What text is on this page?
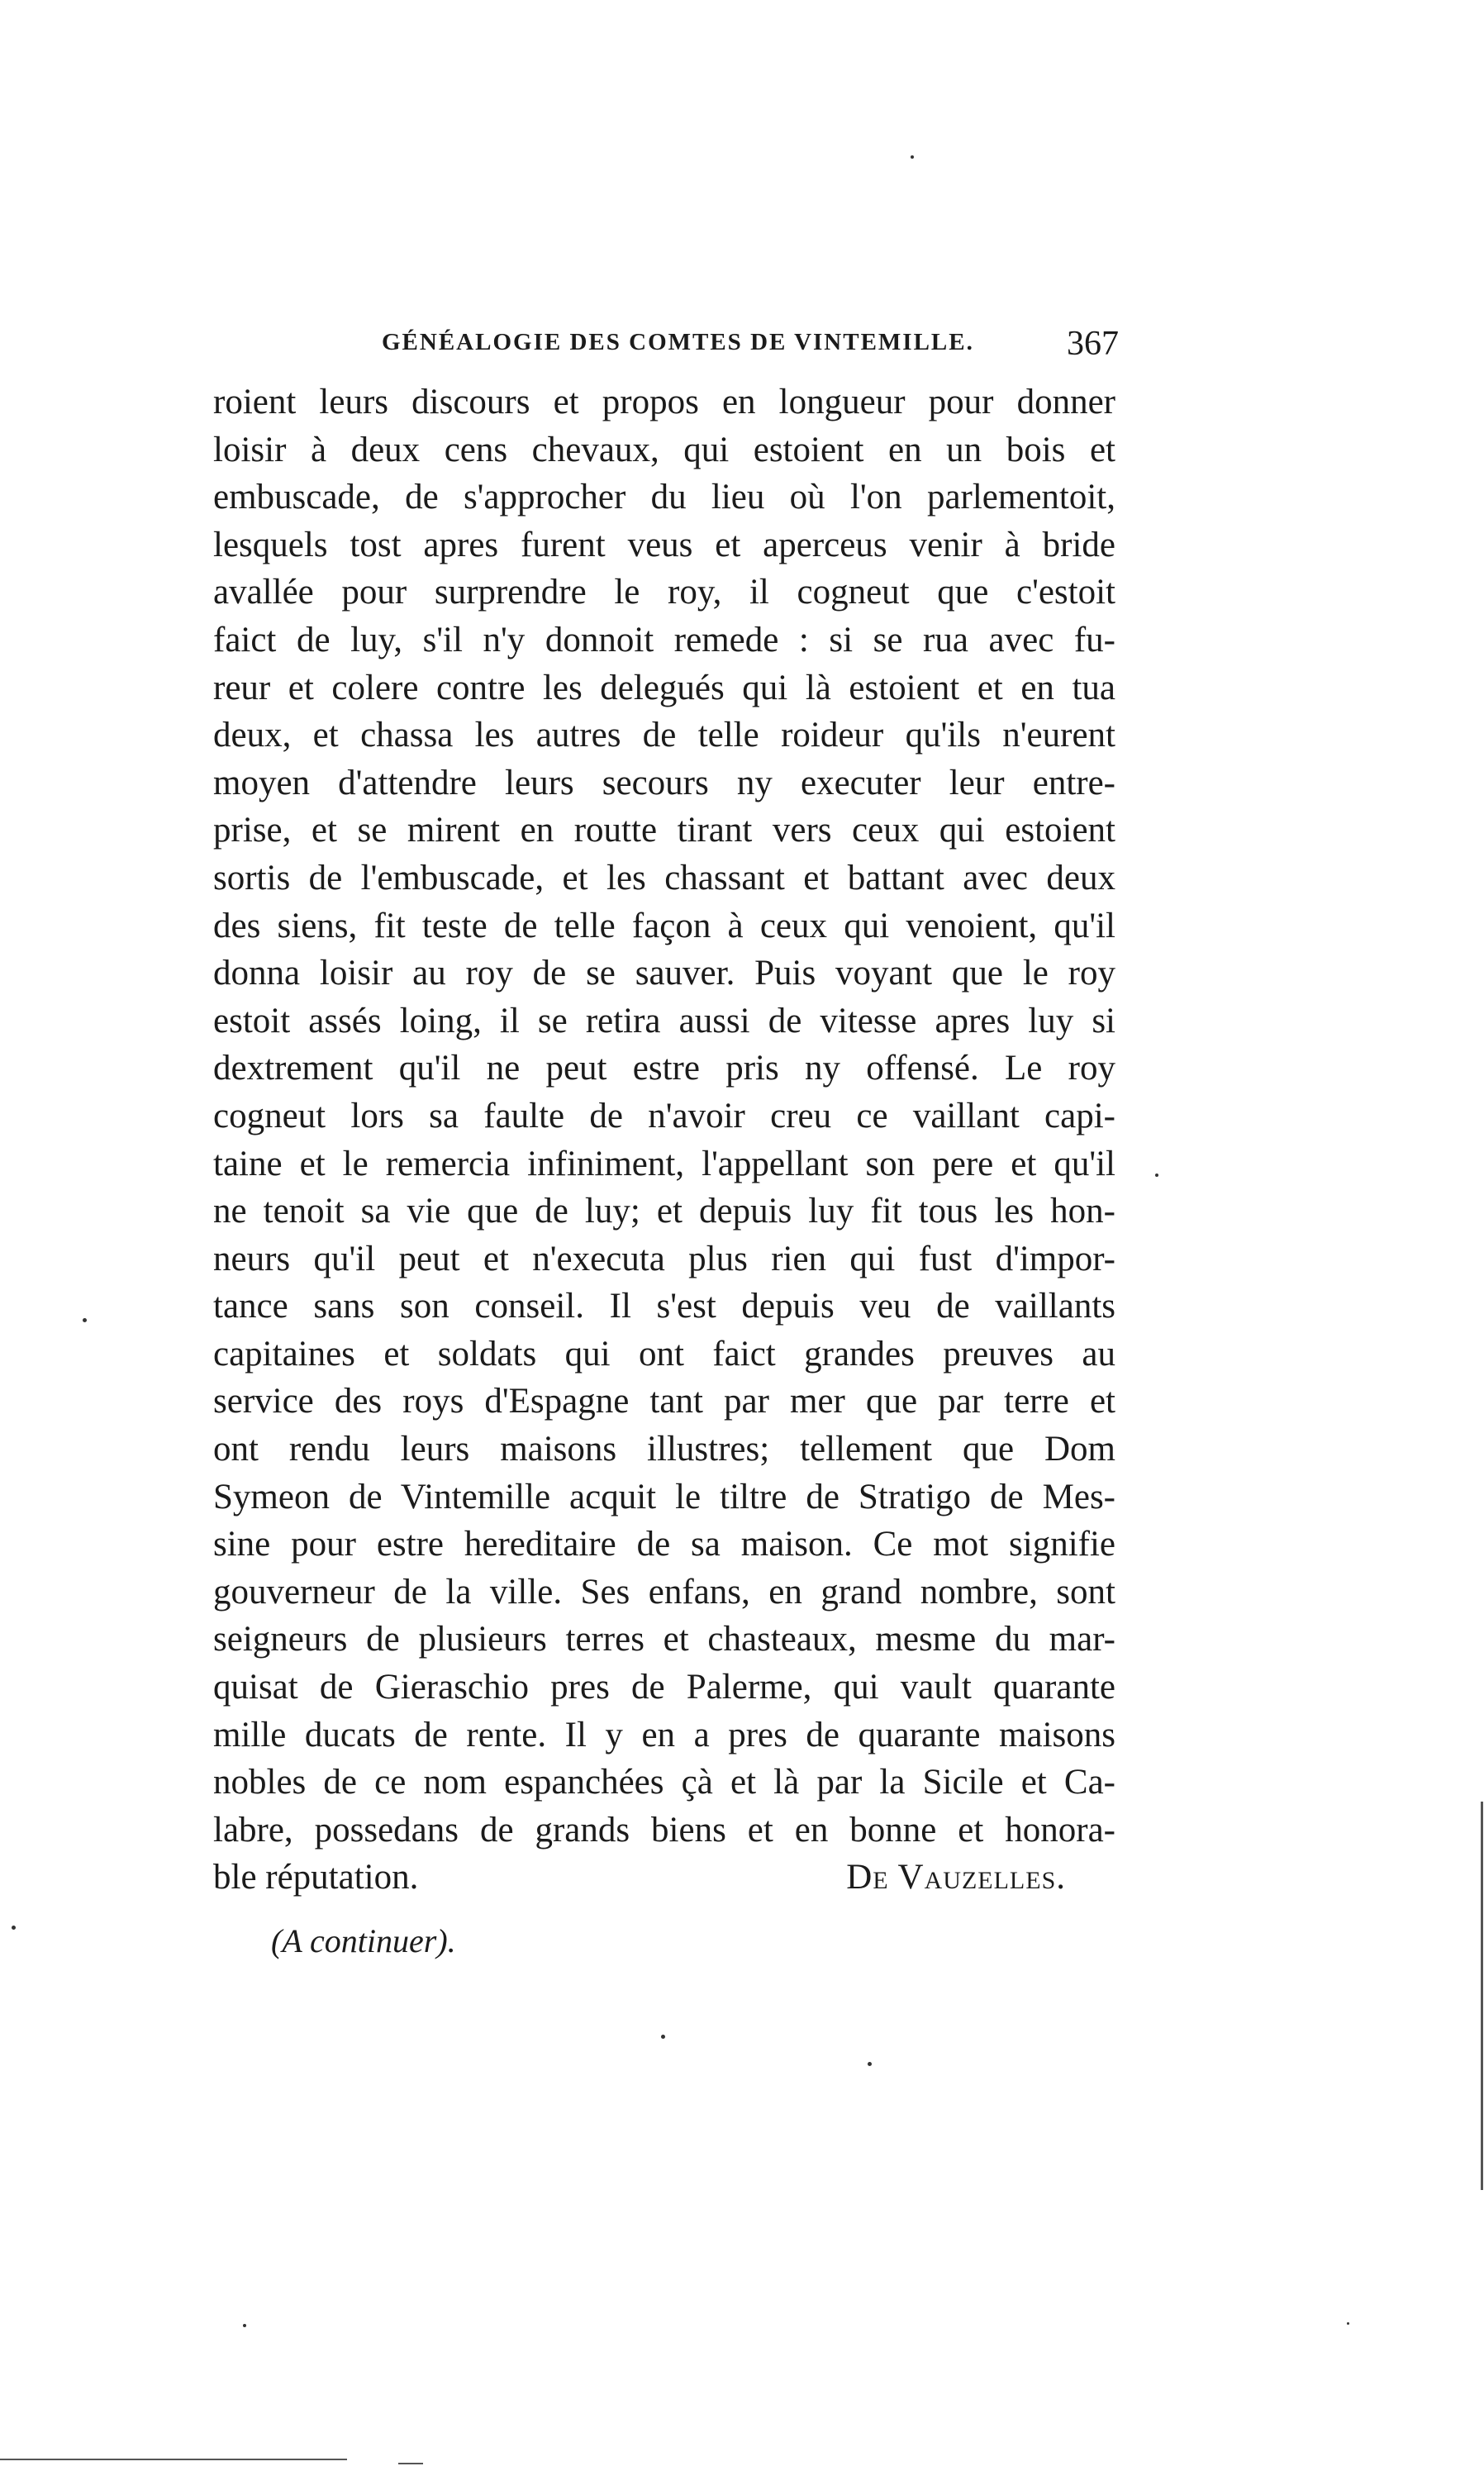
GÉNÉALOGIE DES COMTES DE VINTEMILLE.	367
roient leurs discours et propos en longueur pour donner
loisir à deux cens chevaux, qui estoient en un bois et
embuscade, de s'approcher du lieu où l'on parlementoit,
lesquels tost apres furent veus et aperceus venir à bride
avallée pour surprendre le roy, il cogneut que c'estoit
faict de luy, s'il n'y donnoit remede : si se rua avec fu-
reur et colere contre les delegués qui là estoient et en tua
deux, et chassa les autres de telle roideur qu'ils n'eurent
moyen d'attendre leurs secours ny executer leur entre-
prise, et se mirent en routte tirant vers ceux qui estoient
sortis de l'embuscade, et les chassant et battant avec deux
des siens, fit teste de telle façon à ceux qui venoient, qu'il
donna loisir au roy de se sauver. Puis voyant que le roy
estoit assés loing, il se retira aussi de vitesse apres luy si
dextrement qu'il ne peut estre pris ny offensé. Le roy
cogneut lors sa faulte de n'avoir creu ce vaillant capi-
taine et le remercia infiniment, l'appellant son pere et qu'il
ne tenoit sa vie que de luy; et depuis luy fit tous les hon-
neurs qu'il peut et n'executa plus rien qui fust d'impor-
tance sans son conseil. Il s'est depuis veu de vaillants
capitaines et soldats qui ont faict grandes preuves au
service des roys d'Espagne tant par mer que par terre et
ont rendu leurs maisons illustres; tellement que Dom
Symeon de Vintemille acquit le tiltre de Stratigo de Mes-
sine pour estre hereditaire de sa maison. Ce mot signifie
gouverneur de la ville. Ses enfans, en grand nombre, sont
seigneurs de plusieurs terres et chasteaux, mesme du mar-
quisat de Gieraschio pres de Palerme, qui vault quarante
mille ducats de rente. Il y en a pres de quarante maisons
nobles de ce nom espanchées çà et là par la Sicile et Ca-
labre, possedans de grands biens et en bonne et honora-
ble réputation.	De Vauzelles.
(A continuer).
